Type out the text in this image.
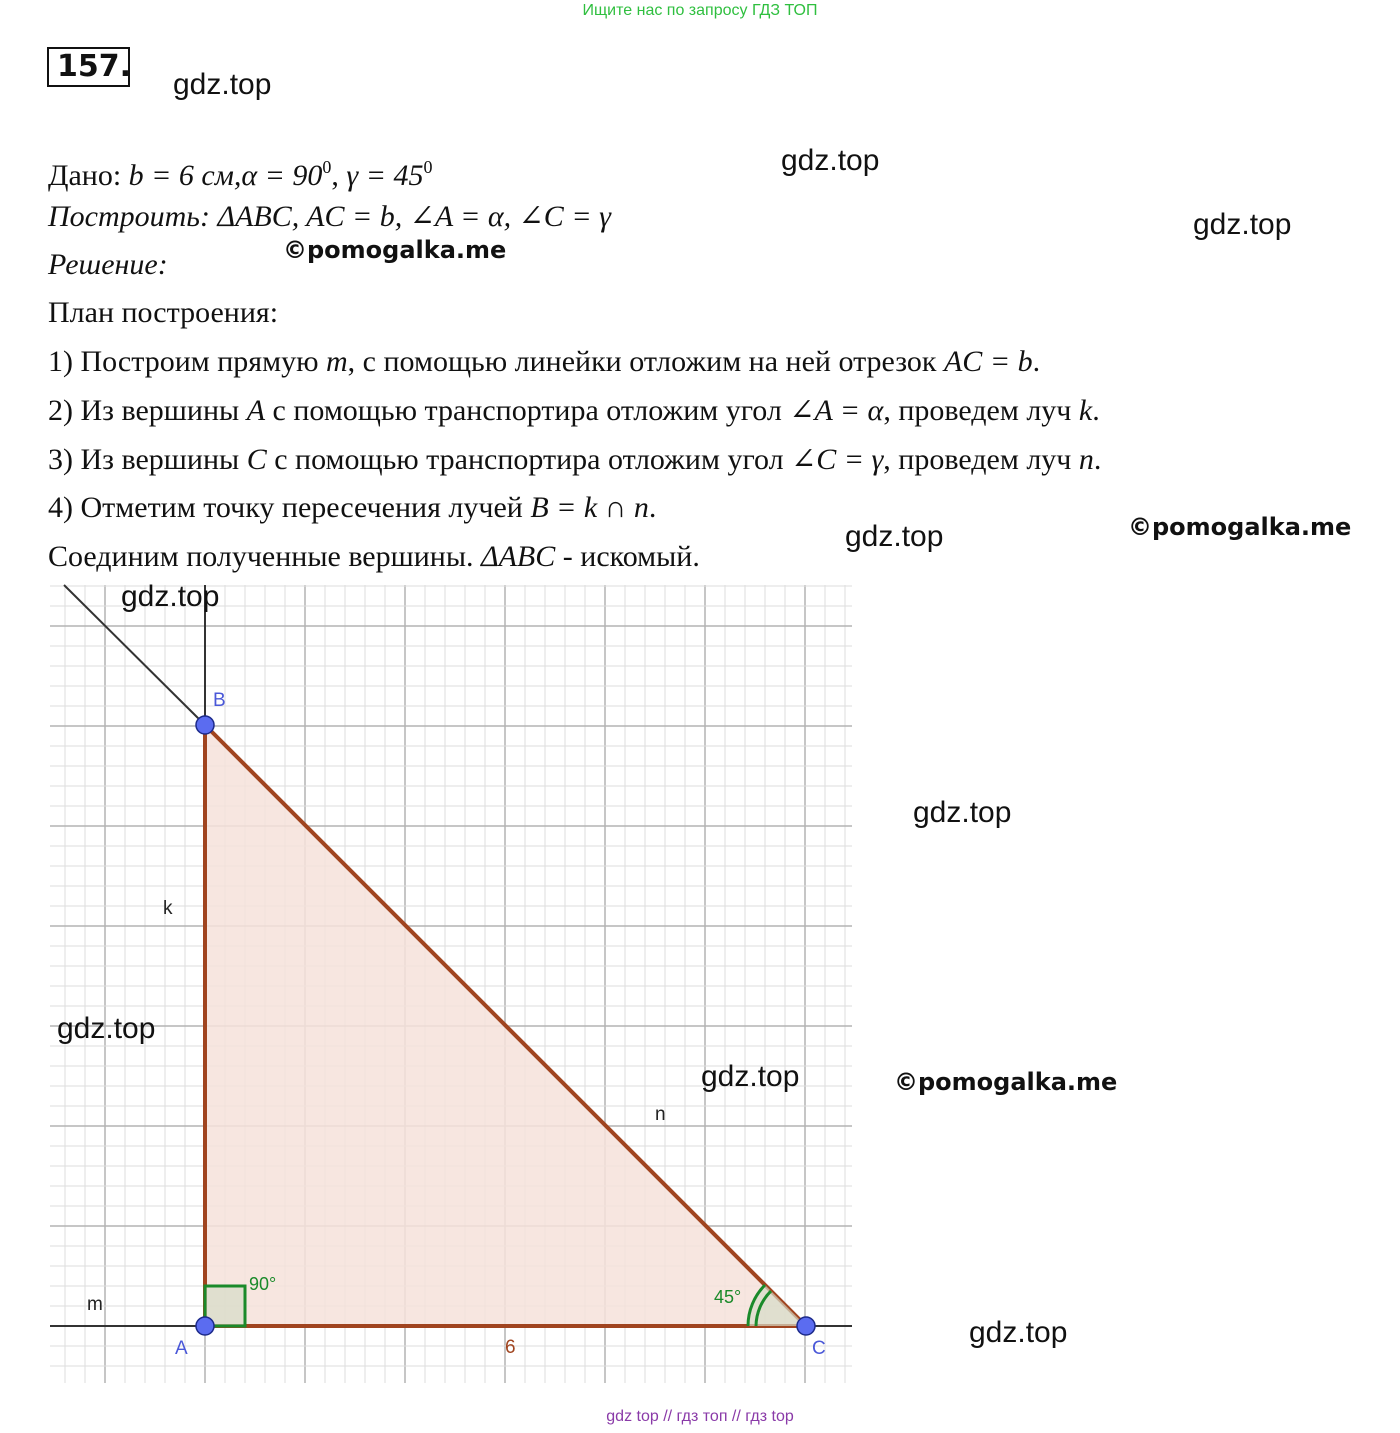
Ищите нас по запросу ГДЗ ТОП
157.
gdz.top
gdz.top
gdz.top
©pomogalka.me
©pomogalka.me
gdz.top
Дано: b = 6 $см,\alpha = 90^0$, $\gamma = 45^0$
Построить: ΔABC, AC = b, ∠A = α, ∠C = γ
Решение:
План построения:
1) Построим прямую m, с помощью линейки отложим на ней отрезок AC = b.
2) Из вершины A с помощью транспортира отложим угол ∠A = α, проведем луч k.
3) Из вершины C с помощью транспортира отложим угол ∠C = γ, проведем луч n.
4) Отметим точку пересечения лучей B = k ∩ n.
Соединим полученные вершины. ΔABC - искомый.
B
A	C
k
m
n
6
90°
45°
gdz.top
gdz.top
gdz.top
gdz.top	©pomogalka.me
gdz.top
gdz top // гдз топ // гдз top
